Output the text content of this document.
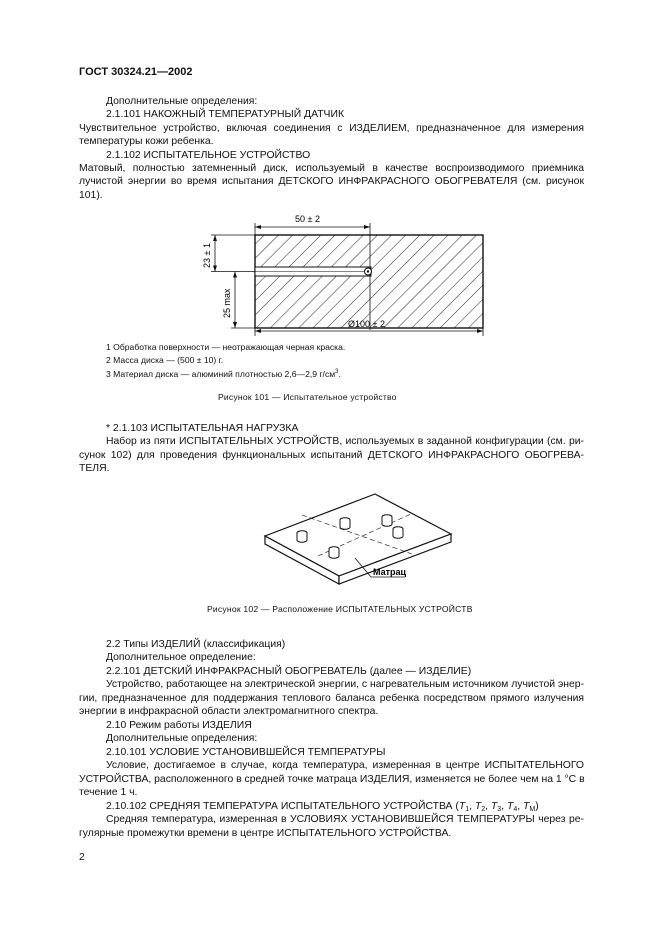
ГОСТ 30324.21—2002
Дополнительные определения:
2.1.101 НАКОЖНЫЙ ТЕМПЕРАТУРНЫЙ ДАТЧИК
Чувствительное устройство, включая соединения с ИЗДЕЛИЕМ, предназначенное для измерения
температуры кожи ребенка.
2.1.102 ИСПЫТАТЕЛЬНОЕ УСТРОЙСТВО
Матовый, полностью затемненный диск, используемый в качестве воспроизводимого приемника
лучистой энергии во время испытания ДЕТСКОГО ИНФРАКРАСНОГО ОБОГРЕВАТЕЛЯ (см. рисунок
101).
50 ± 2
23 ± 1
25 max
Ø100 ± 2
1 Обработка поверхности — неотражающая черная краска.
2 Масса диска — (500 ± 10) г.
3 Материал диска — алюминий плотностью 2,6—2,9 $г/см^3$.
Рисунок 101 — Испытательное устройство
* 2.1.103 ИСПЫТАТЕЛЬНАЯ НАГРУЗКА
Набор из пяти ИСПЫТАТЕЛЬНЫХ УСТРОЙСТВ, используемых в заданной конфигурации (см. ри-
сунок 102) для проведения функциональных испытаний ДЕТСКОГО ИНФРАКРАСНОГО ОБОГРЕВА-
ТЕЛЯ.
Матрац
Рисунок 102 — Расположение ИСПЫТАТЕЛЬНЫХ УСТРОЙСТВ
2.2 Типы ИЗДЕЛИЙ (классификация)
Дополнительное определение:
2.2.101 ДЕТСКИЙ ИНФРАКРАСНЫЙ ОБОГРЕВАТЕЛЬ (далее — ИЗДЕЛИЕ)
Устройство, работающее на электрической энергии, с нагревательным источником лучистой энер-
гии, предназначенное для поддержания теплового баланса ребенка посредством прямого излучения
энергии в инфракрасной области электромагнитного спектра.
2.10 Режим работы ИЗДЕЛИЯ
Дополнительные определения:
2.10.101 УСЛОВИЕ УСТАНОВИВШЕЙСЯ ТЕМПЕРАТУРЫ
Условие, достигаемое в случае, когда температура, измеренная в центре ИСПЫТАТЕЛЬНОГО
УСТРОЙСТВА, расположенного в средней точке матраца ИЗДЕЛИЯ, изменяется не более чем на 1 °С в
течение 1 ч.
2.10.102 СРЕДНЯЯ ТЕМПЕРАТУРА ИСПЫТАТЕЛЬНОГО УСТРОЙСТВА ($T_1$, $T_2$, $T_3$, $T_4$, $T_М$)
Средняя температура, измеренная в УСЛОВИЯХ УСТАНОВИВШЕЙСЯ ТЕМПЕРАТУРЫ через ре-
гулярные промежутки времени в центре ИСПЫТАТЕЛЬНОГО УСТРОЙСТВА.
2
